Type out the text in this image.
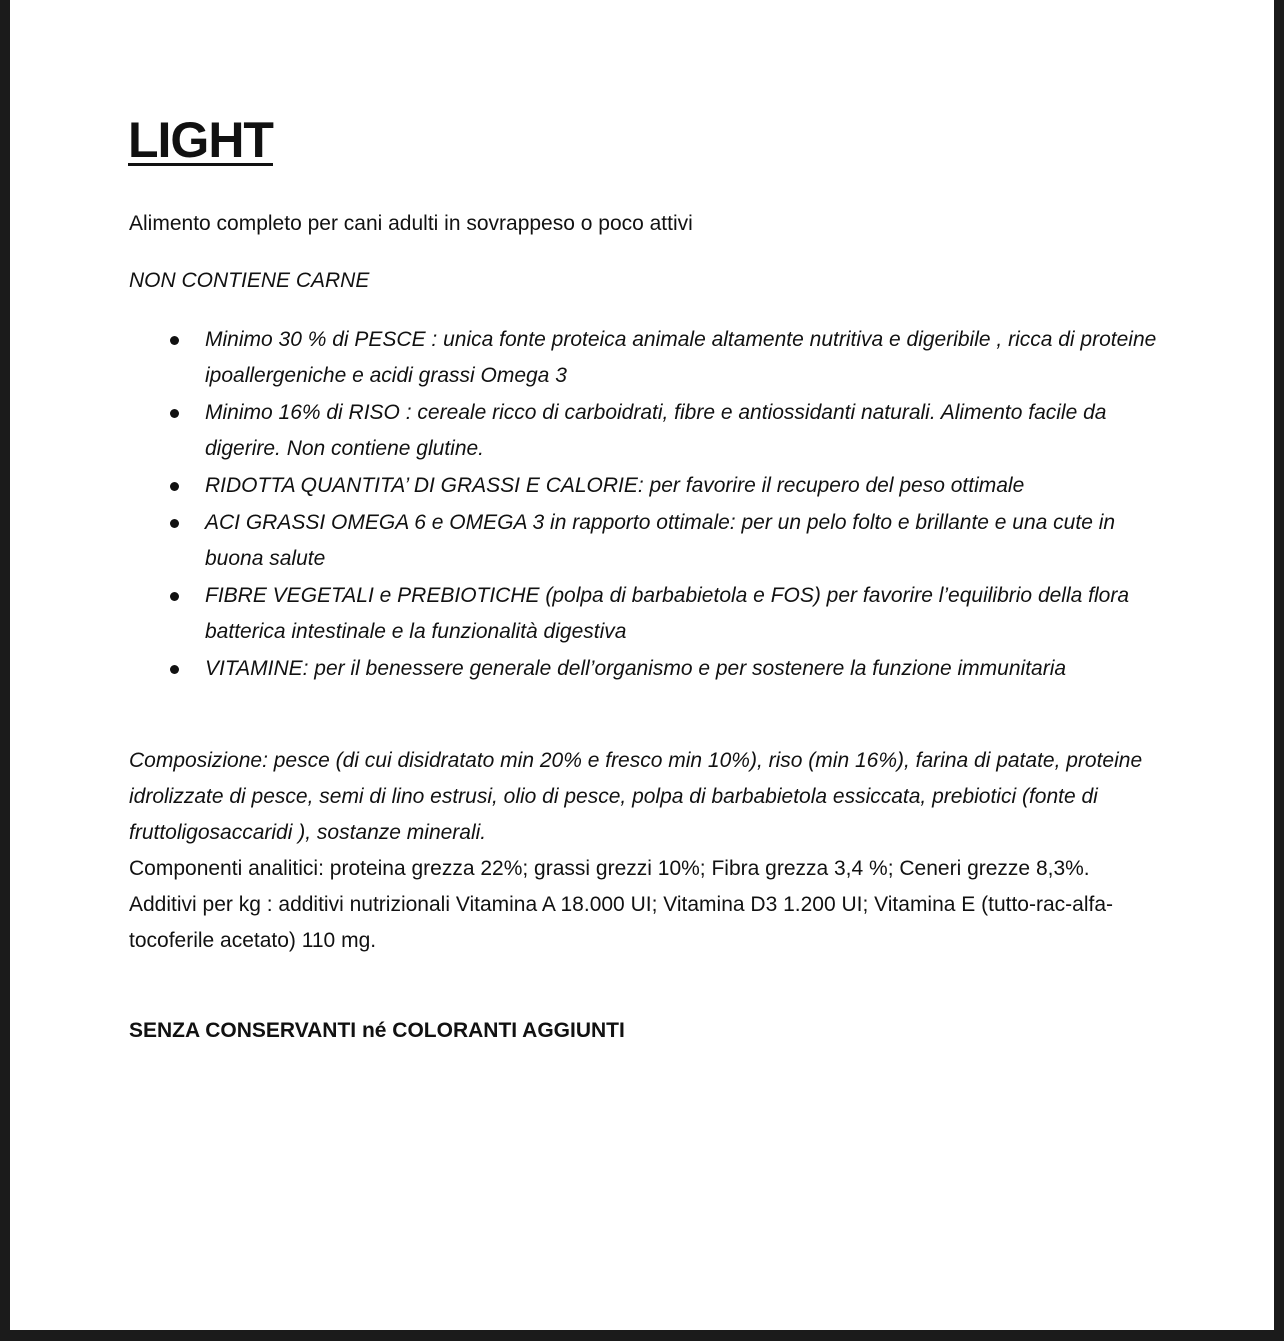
LIGHT
Alimento completo per cani adulti in sovrappeso o poco attivi
NON CONTIENE CARNE
Minimo 30 % di PESCE : unica fonte proteica animale altamente nutritiva e digeribile , ricca di proteine ipoallergeniche e acidi grassi Omega 3
Minimo 16% di RISO : cereale ricco di carboidrati, fibre e antiossidanti naturali. Alimento facile da digerire. Non contiene glutine.
RIDOTTA QUANTITA’ DI GRASSI E CALORIE: per favorire il recupero del peso ottimale
ACI GRASSI OMEGA 6 e OMEGA 3 in rapporto ottimale: per un pelo folto e brillante e una cute in buona salute
FIBRE VEGETALI e PREBIOTICHE (polpa di barbabietola e FOS) per favorire l’equilibrio della flora batterica intestinale e la funzionalità digestiva
VITAMINE: per il benessere generale dell’organismo e per sostenere la funzione immunitaria

Composizione: pesce (di cui disidratato min 20% e fresco min 10%), riso (min 16%), farina di patate, proteine idrolizzate di pesce, semi di lino estrusi, olio di pesce, polpa di barbabietola essiccata, prebiotici (fonte di fruttoligosaccaridi ), sostanze minerali.

Componenti analitici: proteina grezza 22%; grassi grezzi 10%; Fibra grezza 3,4 %; Ceneri grezze 8,3%.

Additivi per kg : additivi nutrizionali Vitamina A 18.000 UI; Vitamina D3 1.200 UI; Vitamina E (tutto-rac-alfa-tocoferile acetato) 110 mg.

SENZA CONSERVANTI né COLORANTI AGGIUNTI
